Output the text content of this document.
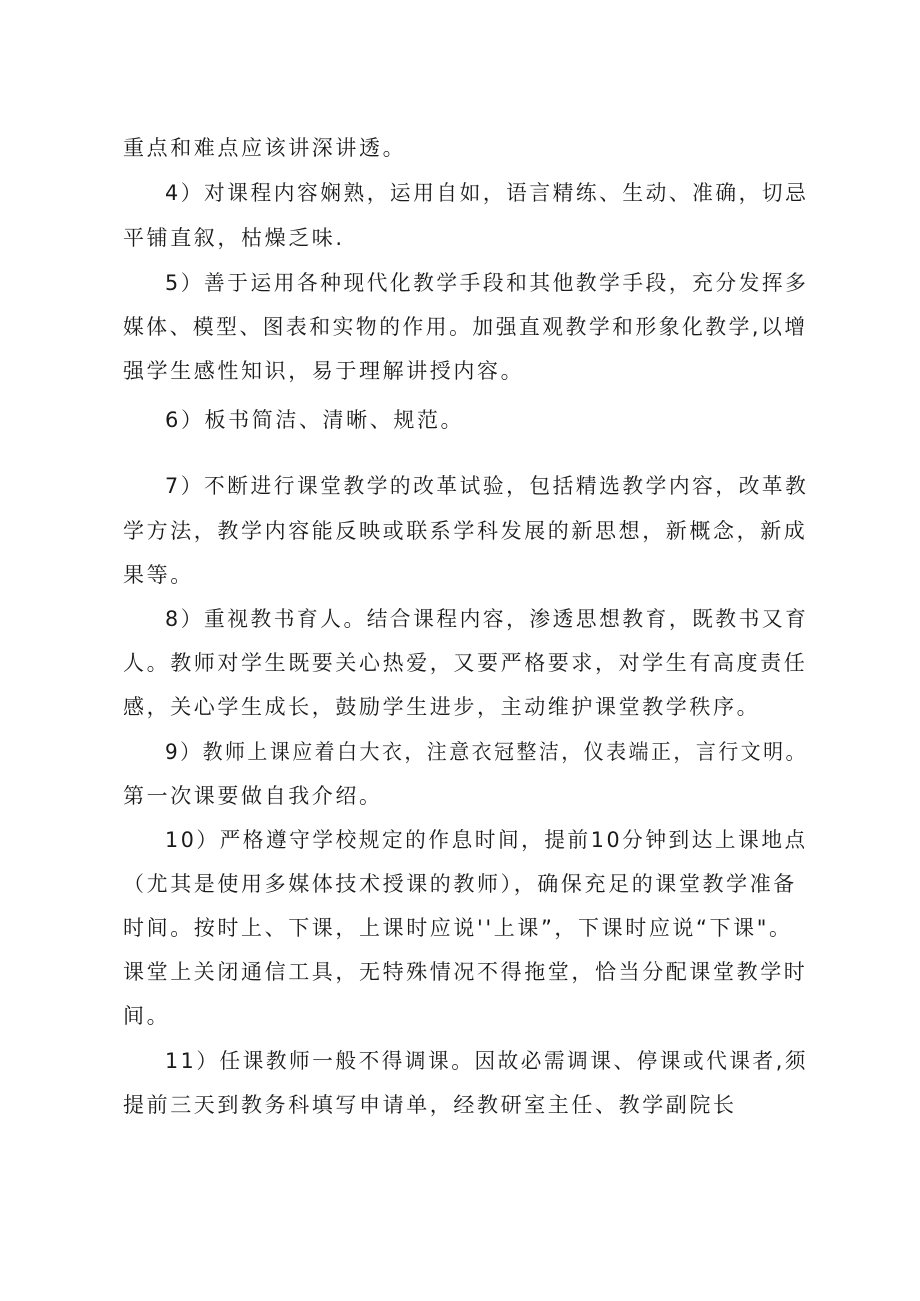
重点和难点应该讲深讲透。
4）对课程内容娴熟，运用自如，语言精练、生动、准确，切忌
平铺直叙，枯燥乏味.
5）善于运用各种现代化教学手段和其他教学手段，充分发挥多
媒体、模型、图表和实物的作用。加强直观教学和形象化教学,以增
强学生感性知识，易于理解讲授内容。
6）板书简洁、清晰、规范。
7）不断进行课堂教学的改革试验，包括精选教学内容，改革教
学方法，教学内容能反映或联系学科发展的新思想，新概念，新成
果等。
8）重视教书育人。结合课程内容，渗透思想教育，既教书又育
人。教师对学生既要关心热爱，又要严格要求，对学生有高度责任
感，关心学生成长，鼓励学生进步，主动维护课堂教学秩序。
9）教师上课应着白大衣，注意衣冠整洁，仪表端正，言行文明。
第一次课要做自我介绍。
10）严格遵守学校规定的作息时间，提前10分钟到达上课地点
（尤其是使用多媒体技术授课的教师），确保充足的课堂教学准备
时间。按时上、下课，上课时应说''上课”，下课时应说“下课"。
课堂上关闭通信工具，无特殊情况不得拖堂，恰当分配课堂教学时
间。
11）任课教师一般不得调课。因故必需调课、停课或代课者,须
提前三天到教务科填写申请单，经教研室主任、教学副院长
